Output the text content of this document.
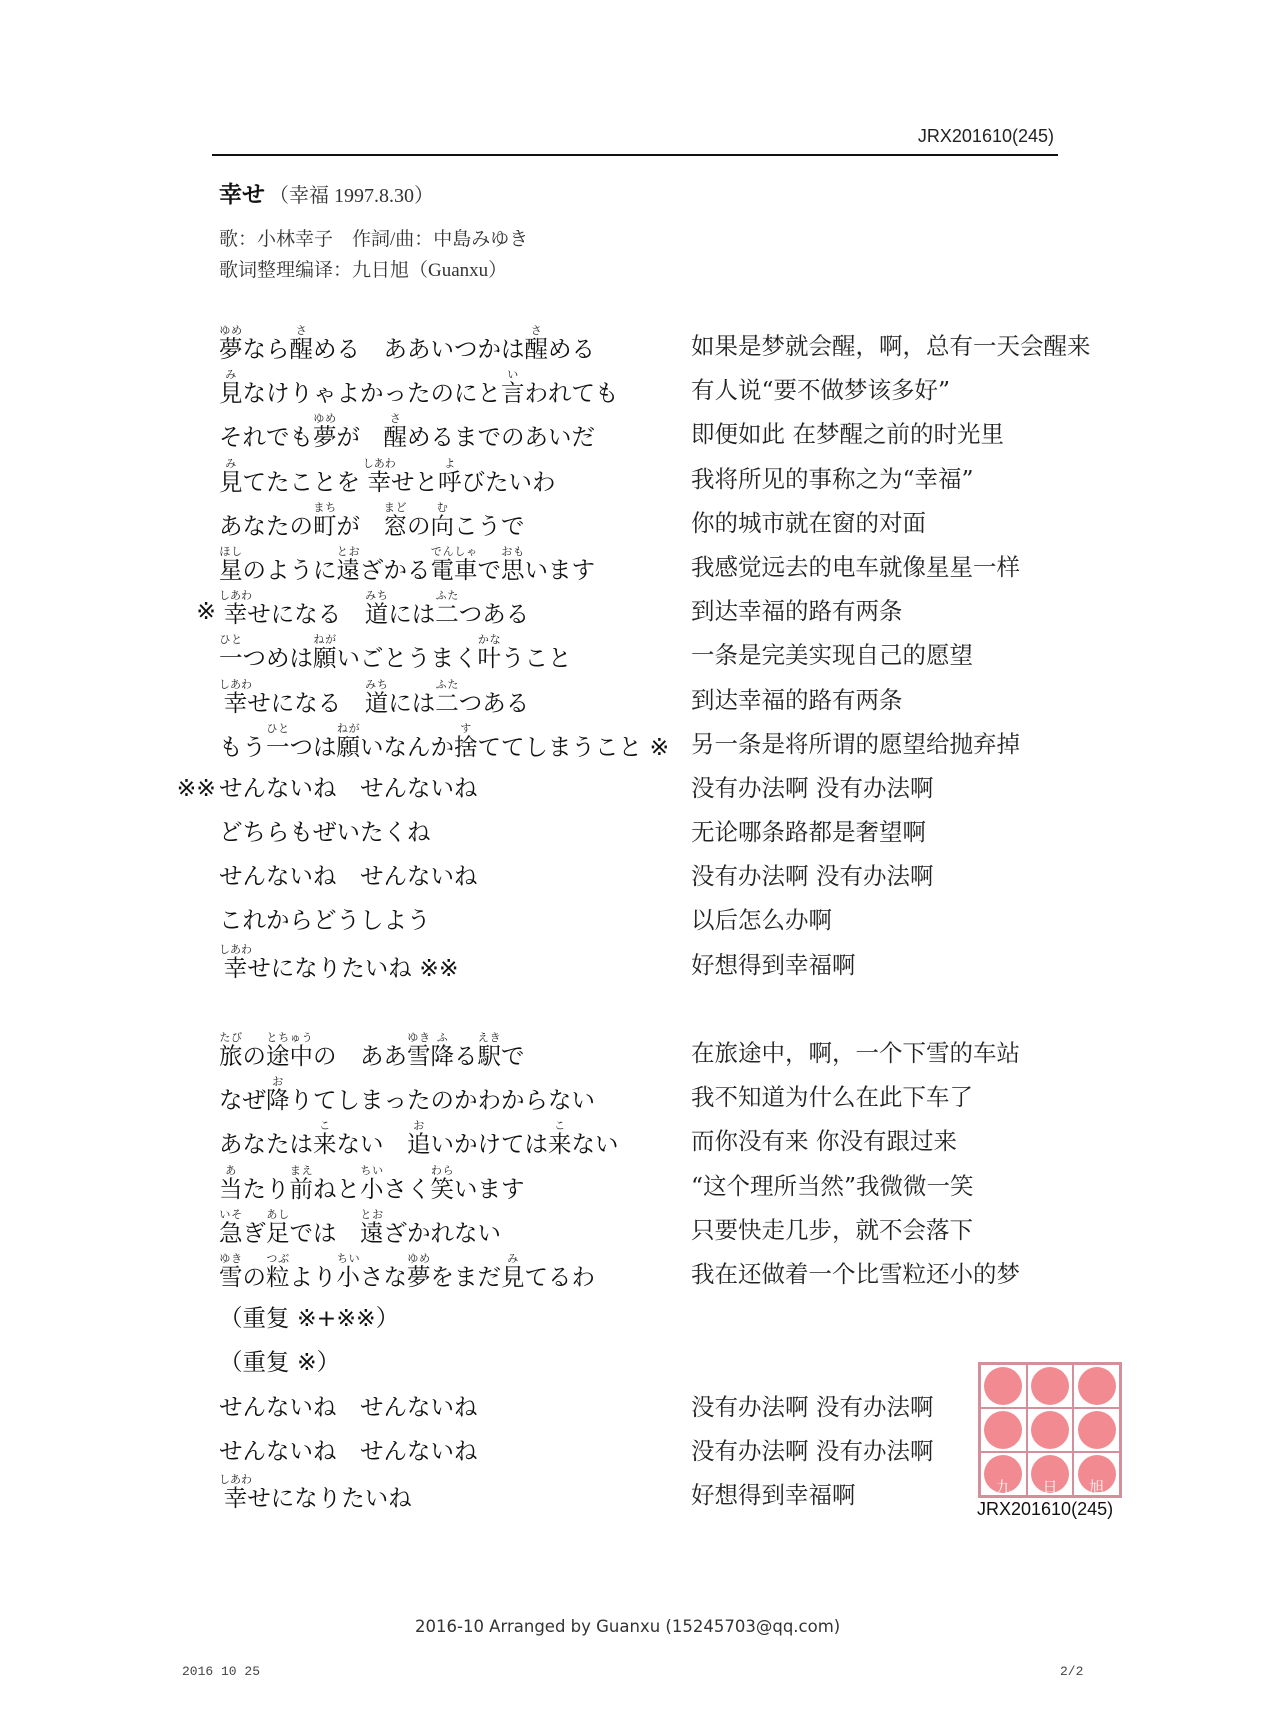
JRX201610(245)
幸せ （幸福 1997.8.30）
歌：小林幸子　作詞/曲：中島みゆき
歌词整理编译：九日旭（Guanxu）
夢ゆめなら醒さめる　ああいつかは醒さめる	如果是梦就会醒，啊，总有一天会醒来
見みなけりゃよかったのにと言いわれても	有人说“要不做梦该多好”
それでも夢ゆめが　醒さめるまでのあいだ	即便如此 在梦醒之前的时光里
見みてたことを 幸しあわせと呼よびたいわ	我将所见的事称之为“幸福”
あなたの町まちが　窓まどの向むこうで	你的城市就在窗的对面
星ほしのように遠とおざかる電車でんしゃで思おもいます	我感觉远去的电车就像星星一样
※ 幸しあわせになる　道みちには二ふたつある	到达幸福的路有两条
一ひとつめは願ねがいごとうまく叶かなうこと	一条是完美实现自己的愿望
幸しあわせになる　道みちには二ふたつある	到达幸福的路有两条
もう一ひとつは願ねがいなんか捨すててしまうこと ※ 另一条是将所谓的愿望给抛弃掉
※※ せんないね　せんないね	没有办法啊 没有办法啊
どちらもぜいたくね	无论哪条路都是奢望啊
せんないね　せんないね	没有办法啊 没有办法啊
これからどうしよう	以后怎么办啊
幸しあわせになりたいね ※※	好想得到幸福啊
旅たびの途中とちゅうの　ああ雪ゆき降ふる駅えきで	在旅途中，啊，一个下雪的车站
なぜ降おりてしまったのかわからない	我不知道为什么在此下车了
あなたは来こない　追おいかけては来こない	而你没有来 你没有跟过来
当あたり前まえねと小ちいさく笑わらいます	“这个理所当然”我微微一笑
急いそぎ足あしでは　遠とおざかれない	只要快走几步，就不会落下
雪ゆきの粒つぶより小ちいさな夢ゆめをまだ見みてるわ	我在还做着一个比雪粒还小的梦
（重复 ※+※※）
（重复 ※）
せんないね　せんないね	没有办法啊 没有办法啊
せんないね　せんないね	没有办法啊 没有办法啊
幸しあわせになりたいね	好想得到幸福啊	九	日	旭
JRX201610(245)
2016-10 Arranged by Guanxu (15245703@qq.com)
2016 10 25	2/2
